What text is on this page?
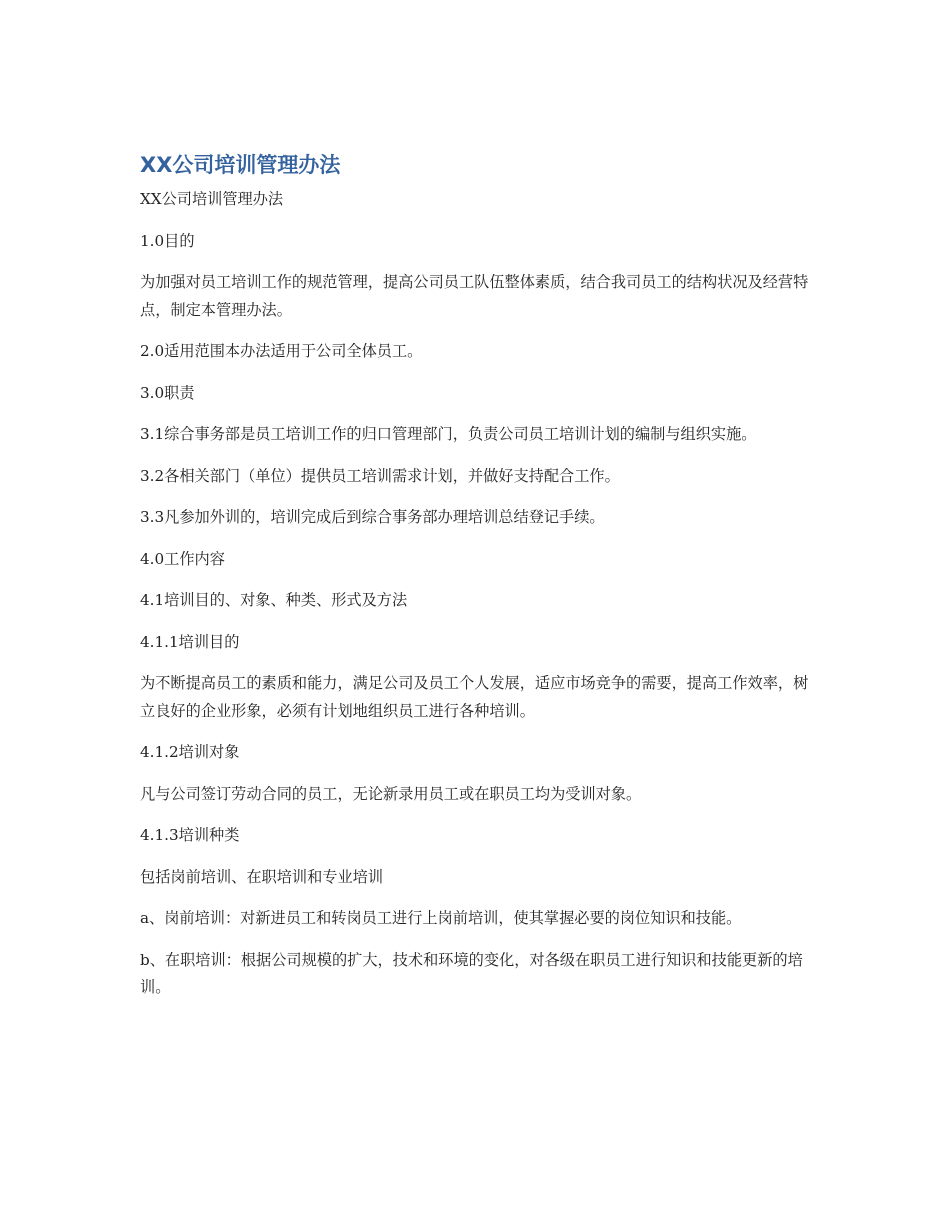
XX公司培训管理办法

XX公司培训管理办法

1.0目的

为加强对员工培训工作的规范管理，提高公司员工队伍整体素质，结合我司员工的结构状况及经营特点，制定本管理办法。

2.0适用范围本办法适用于公司全体员工。

3.0职责

3.1综合事务部是员工培训工作的归口管理部门，负责公司员工培训计划的编制与组织实施。

3.2各相关部门（单位）提供员工培训需求计划，并做好支持配合工作。

3.3凡参加外训的，培训完成后到综合事务部办理培训总结登记手续。

4.0工作内容

4.1培训目的、对象、种类、形式及方法

4.1.1培训目的

为不断提高员工的素质和能力，满足公司及员工个人发展，适应市场竞争的需要，提高工作效率，树立良好的企业形象，必须有计划地组织员工进行各种培训。

4.1.2培训对象

凡与公司签订劳动合同的员工，无论新录用员工或在职员工均为受训对象。

4.1.3培训种类

包括岗前培训、在职培训和专业培训

a、岗前培训：对新进员工和转岗员工进行上岗前培训，使其掌握必要的岗位知识和技能。

b、在职培训：根据公司规模的扩大，技术和环境的变化，对各级在职员工进行知识和技能更新的培训。
